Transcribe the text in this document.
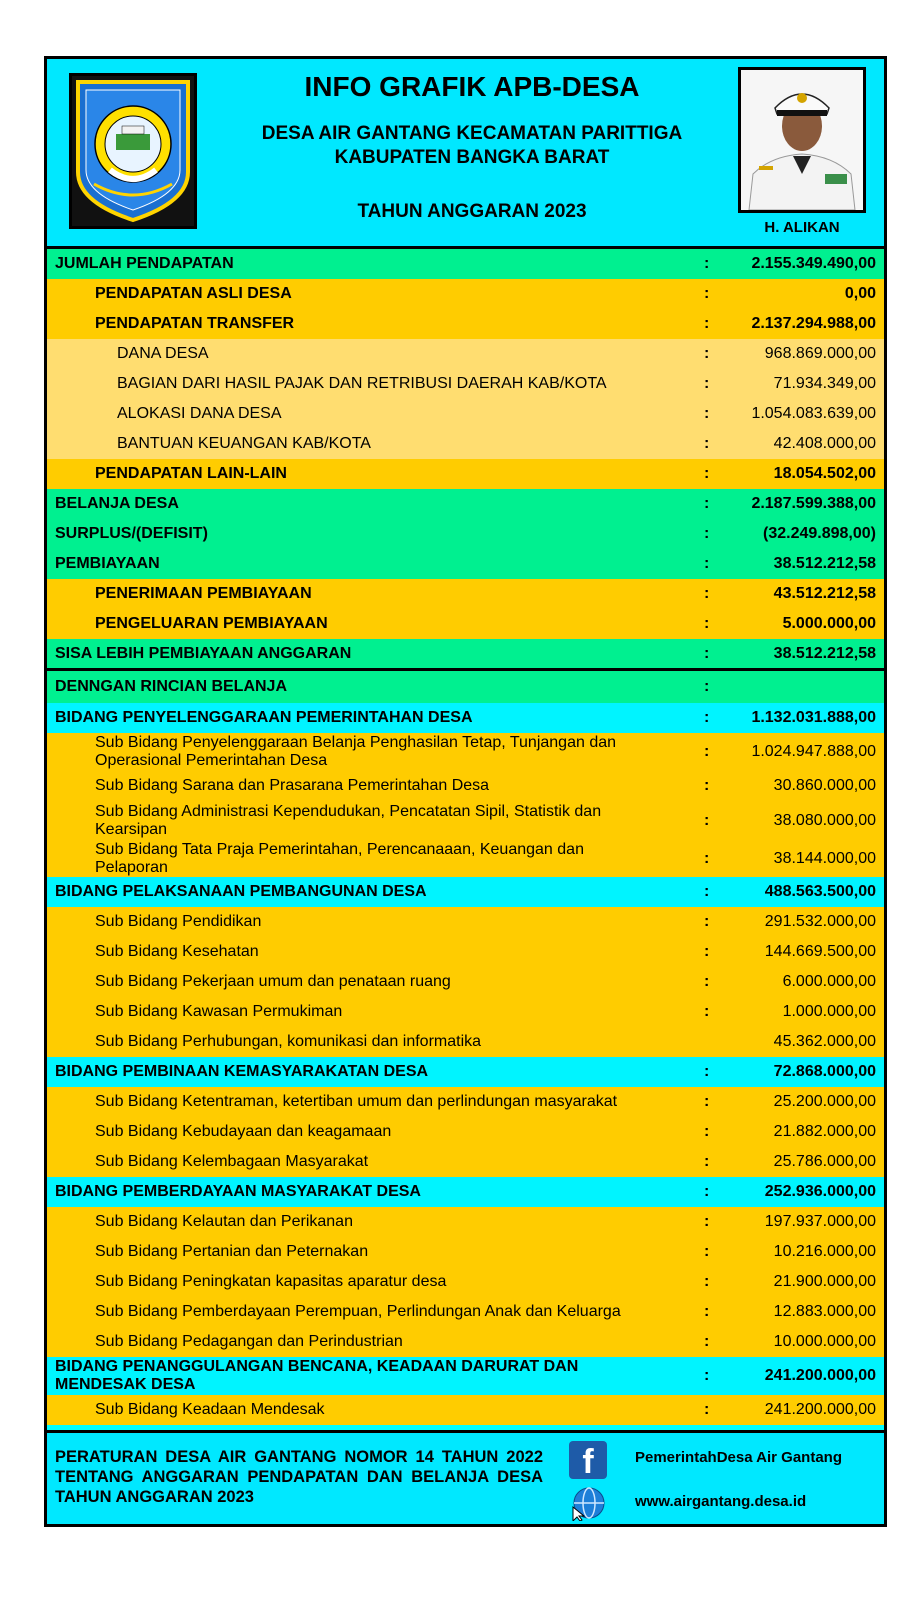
INFO GRAFIK APB-DESA
DESA AIR GANTANG KECAMATAN PARITTIGA
KABUPATEN BANGKA BARAT
TAHUN ANGGARAN 2023
H. ALIKAN
JUMLAH PENDAPATAN	:	2.155.349.490,00
PENDAPATAN ASLI DESA	:	0,00
PENDAPATAN TRANSFER	:	2.137.294.988,00
DANA DESA	:	968.869.000,00
BAGIAN DARI HASIL PAJAK DAN RETRIBUSI DAERAH KAB/KOTA	:	71.934.349,00
ALOKASI DANA DESA	:	1.054.083.639,00
BANTUAN KEUANGAN KAB/KOTA	:	42.408.000,00
PENDAPATAN LAIN-LAIN	:	18.054.502,00
BELANJA DESA	:	2.187.599.388,00
SURPLUS/(DEFISIT)	:	(32.249.898,00)
PEMBIAYAAN	:	38.512.212,58
PENERIMAAN PEMBIAYAAN	:	43.512.212,58
PENGELUARAN PEMBIAYAAN	:	5.000.000,00
SISA LEBIH PEMBIAYAAN ANGGARAN	:	38.512.212,58
DENNGAN RINCIAN BELANJA	:
BIDANG PENYELENGGARAAN PEMERINTAHAN DESA	:	1.132.031.888,00
Sub Bidang Penyelenggaraan Belanja Penghasilan Tetap, Tunjangan dan Operasional Pemerintahan Desa
:	1.024.947.888,00
Sub Bidang Sarana dan Prasarana Pemerintahan Desa	:	30.860.000,00
Sub Bidang Administrasi Kependudukan, Pencatatan Sipil, Statistik dan Kearsipan
:	38.080.000,00
Sub Bidang Tata Praja Pemerintahan, Perencanaaan, Keuangan dan Pelaporan
:	38.144.000,00
BIDANG PELAKSANAAN PEMBANGUNAN DESA	:	488.563.500,00
Sub Bidang Pendidikan	:	291.532.000,00
Sub Bidang Kesehatan	:	144.669.500,00
Sub Bidang Pekerjaan umum dan penataan ruang	:	6.000.000,00
Sub Bidang Kawasan Permukiman	:	1.000.000,00
Sub Bidang Perhubungan, komunikasi dan informatika	45.362.000,00
BIDANG PEMBINAAN KEMASYARAKATAN DESA	:	72.868.000,00
Sub Bidang Ketentraman, ketertiban umum dan perlindungan masyarakat	:	25.200.000,00
Sub Bidang Kebudayaan dan keagamaan	:	21.882.000,00
Sub Bidang Kelembagaan Masyarakat	:	25.786.000,00
BIDANG PEMBERDAYAAN MASYARAKAT DESA	:	252.936.000,00
Sub Bidang Kelautan dan Perikanan	:	197.937.000,00
Sub Bidang Pertanian dan Peternakan	:	10.216.000,00
Sub Bidang Peningkatan kapasitas aparatur desa	:	21.900.000,00
Sub Bidang Pemberdayaan Perempuan, Perlindungan Anak dan Keluarga	:	12.883.000,00
Sub Bidang Pedagangan dan Perindustrian	:	10.000.000,00
BIDANG PENANGGULANGAN BENCANA, KEADAAN DARURAT DAN MENDESAK DESA
:	241.200.000,00
Sub Bidang Keadaan Mendesak	:	241.200.000,00
PERATURAN DESA AIR GANTANG NOMOR 14 TAHUN 2022 TENTANG ANGGARAN PENDAPATAN DAN BELANJA DESA TAHUN ANGGARAN 2023
f	PemerintahDesa Air Gantang
www.airgantang.desa.id
